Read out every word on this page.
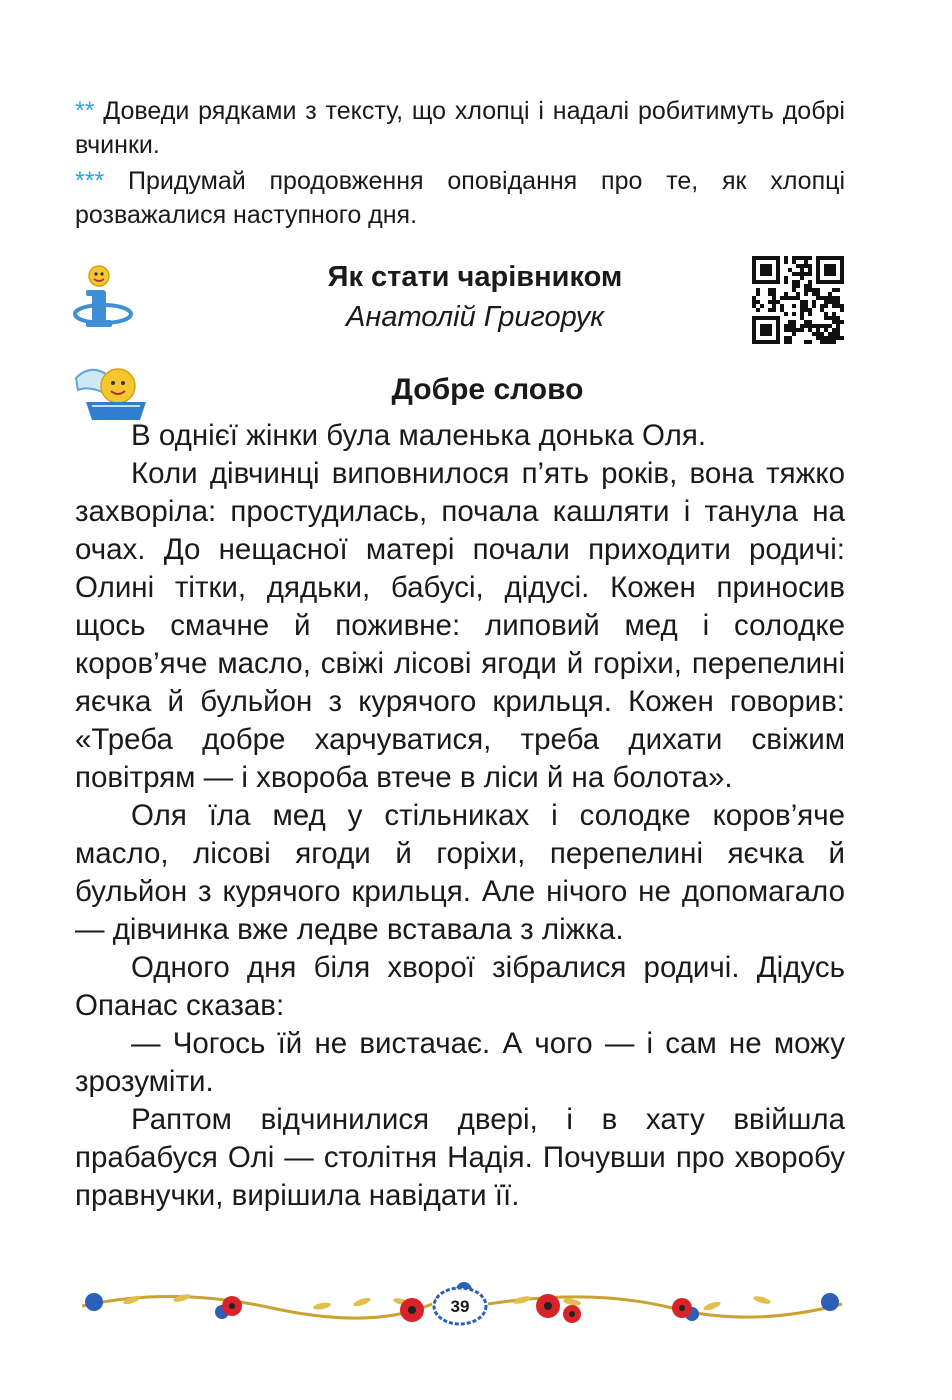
** Доведи рядками з тексту, що хлопці і надалі робитимуть добрі вчинки.
*** Придумай продовження оповідання про те, як хлопці розважалися наступного дня.
Як стати чарівником
Анатолій Григорук
Добре слово

В однієї жінки була маленька донька Оля.

Коли дівчинці виповнилося п’ять років, вона тяжко захворіла: простудилась, почала кашляти і танула на очах. До нещасної матері почали приходити родичі: Олині тітки, дядьки, бабусі, дідусі. Кожен приносив щось смачне й поживне: липовий мед і солодке коров’яче масло, свіжі лісові ягоди й горіхи, перепелині яєчка й бульйон з курячого крильця. Кожен говорив: «Треба добре харчуватися, треба дихати свіжим повітрям — і хвороба втече в ліси й на болота».

Оля їла мед у стільниках і солодке коров’яче масло, лісові ягоди й горіхи, перепелині яєчка й бульйон з курячого крильця. Але нічого не допомагало — дівчинка вже ледве вставала з ліжка.

Одного дня біля хворої зібралися родичі. Дідусь Опанас сказав:

— Чогось їй не вистачає. А чого — і сам не можу зрозуміти.

Раптом відчинилися двері, і в хату ввійшла прабабуся Олі — столітня Надія. Почувши про хворобу правнучки, вирішила навідати її.

39
